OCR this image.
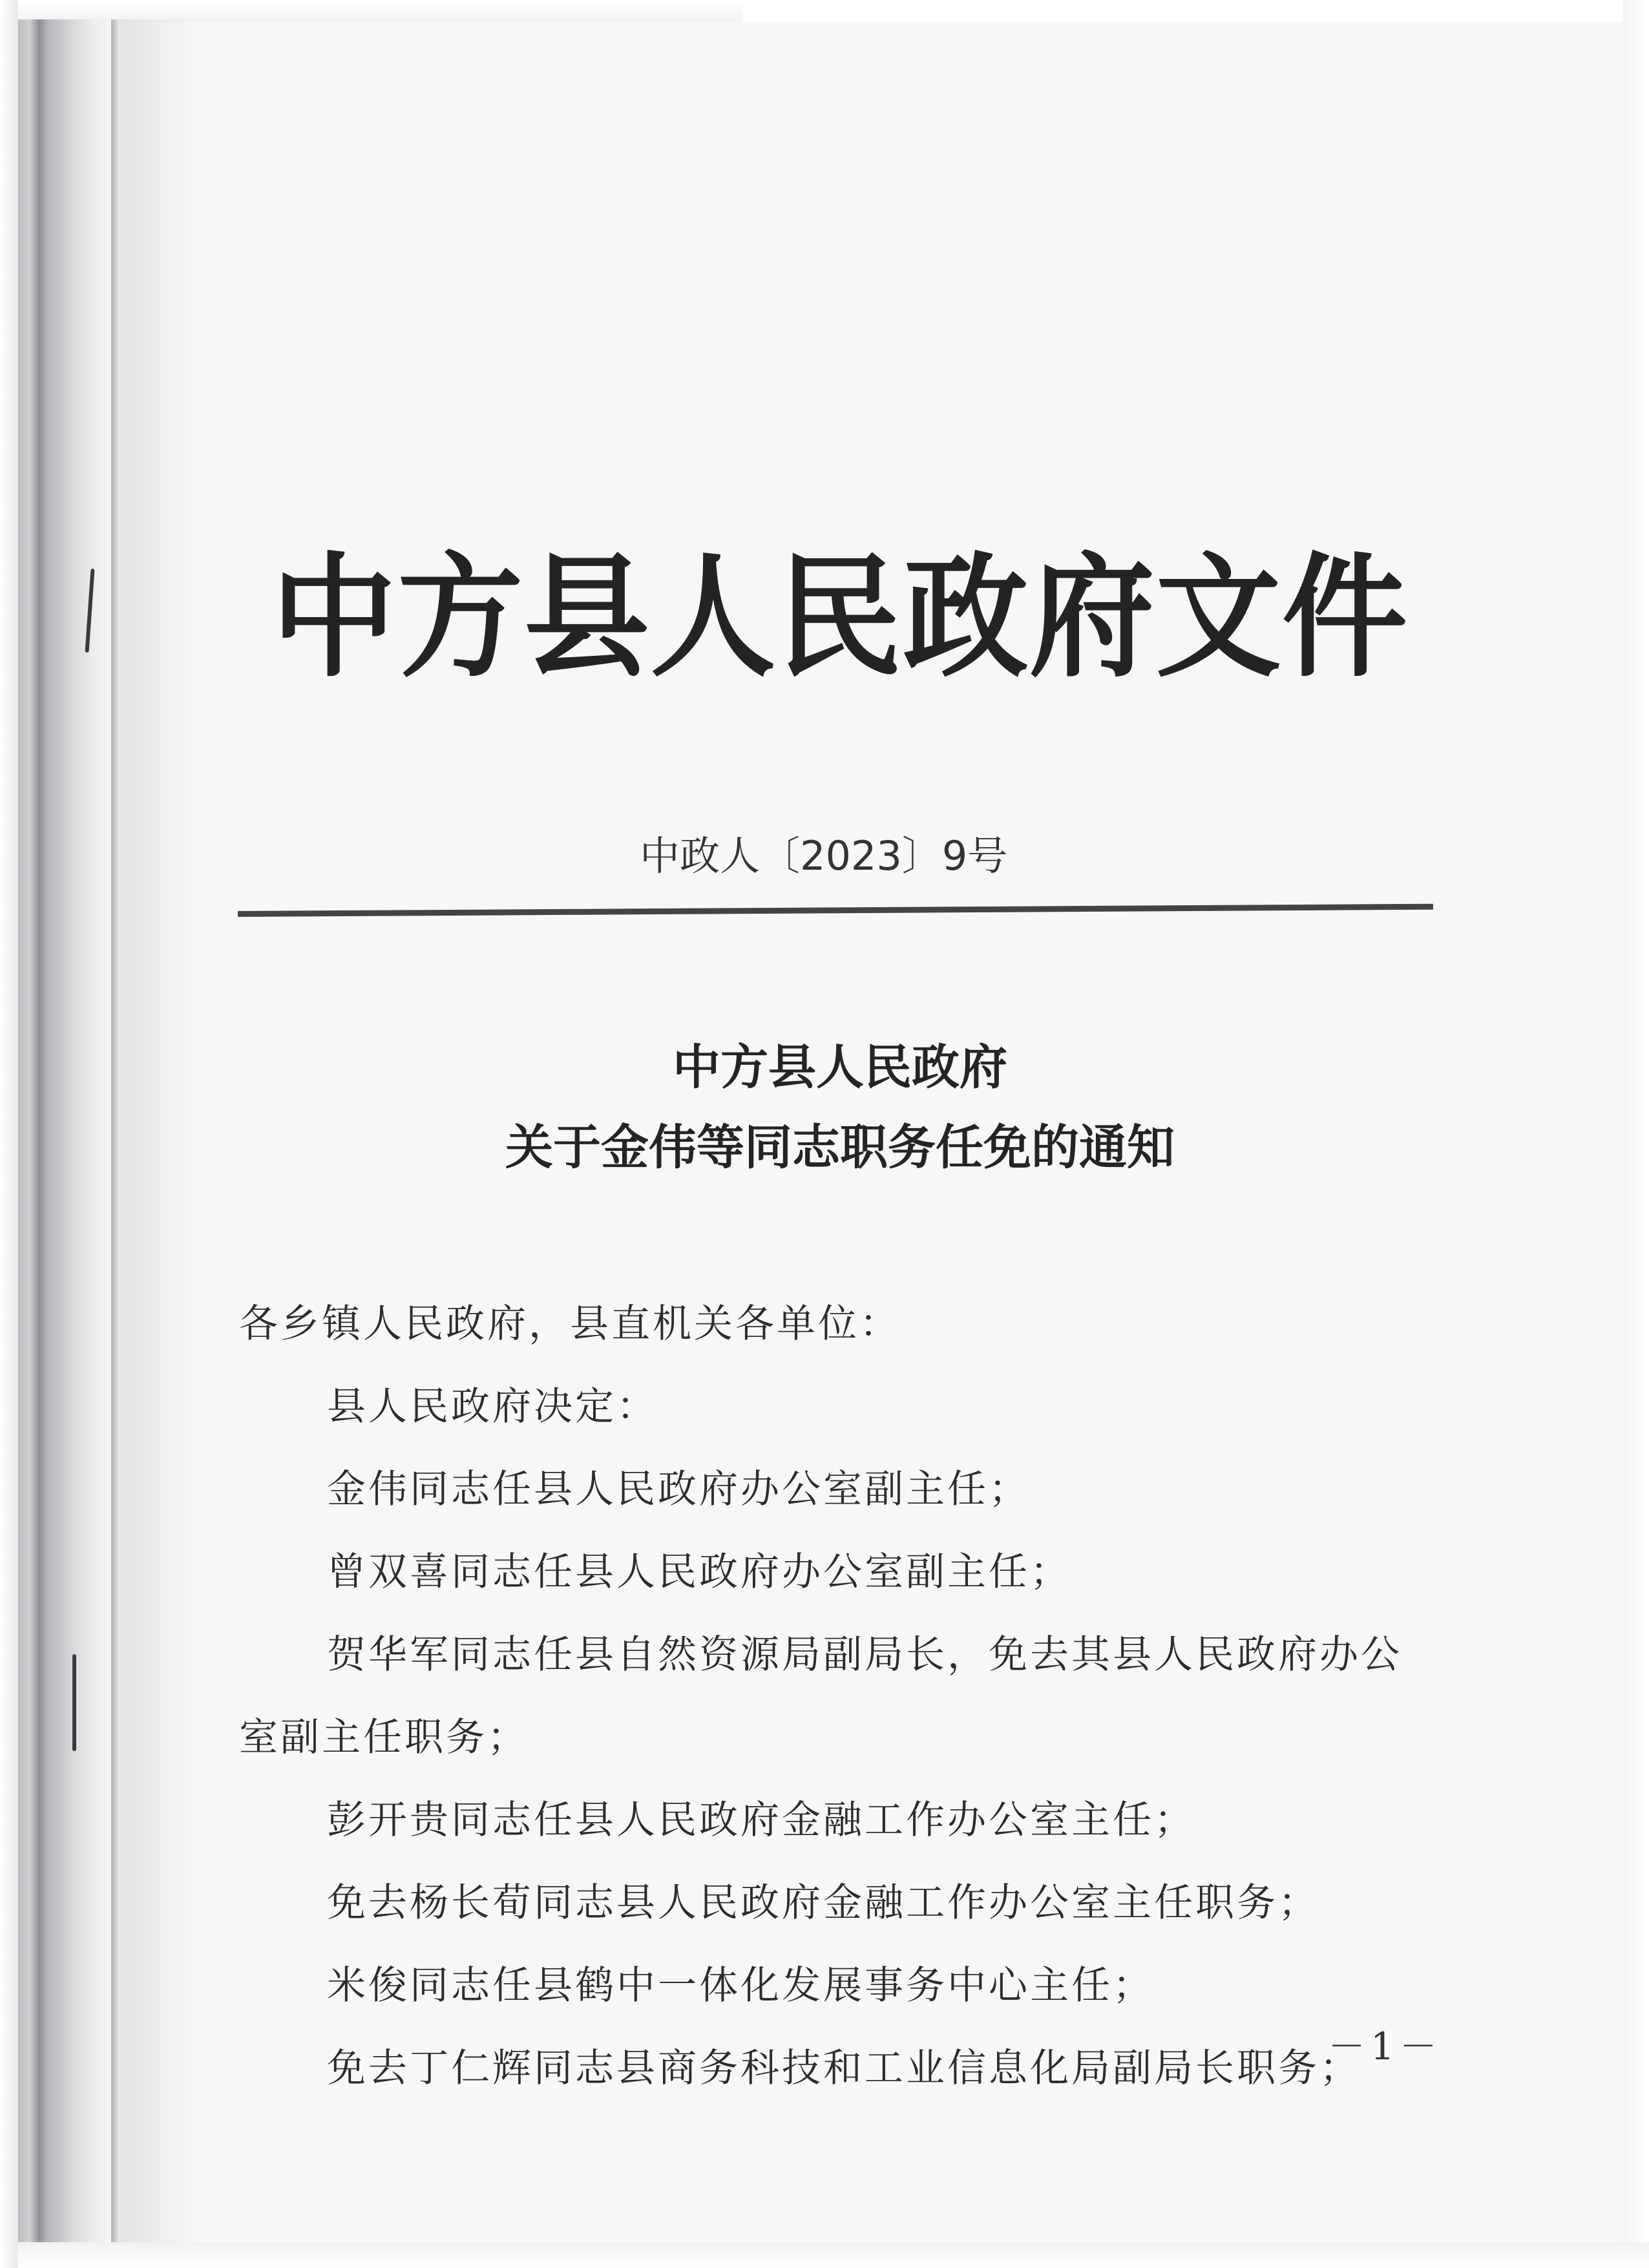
中方县人民政府文件
中政人〔2023〕9号
中方县人民政府
关于金伟等同志职务任免的通知
各乡镇人民政府，县直机关各单位：
县人民政府决定：
金伟同志任县人民政府办公室副主任；
曾双喜同志任县人民政府办公室副主任；
贺华军同志任县自然资源局副局长，免去其县人民政府办公
室副主任职务；
彭开贵同志任县人民政府金融工作办公室主任；
免去杨长荀同志县人民政府金融工作办公室主任职务；
米俊同志任县鹤中一体化发展事务中心主任；
免去丁仁辉同志县商务科技和工业信息化局副局长职务；
－1－
